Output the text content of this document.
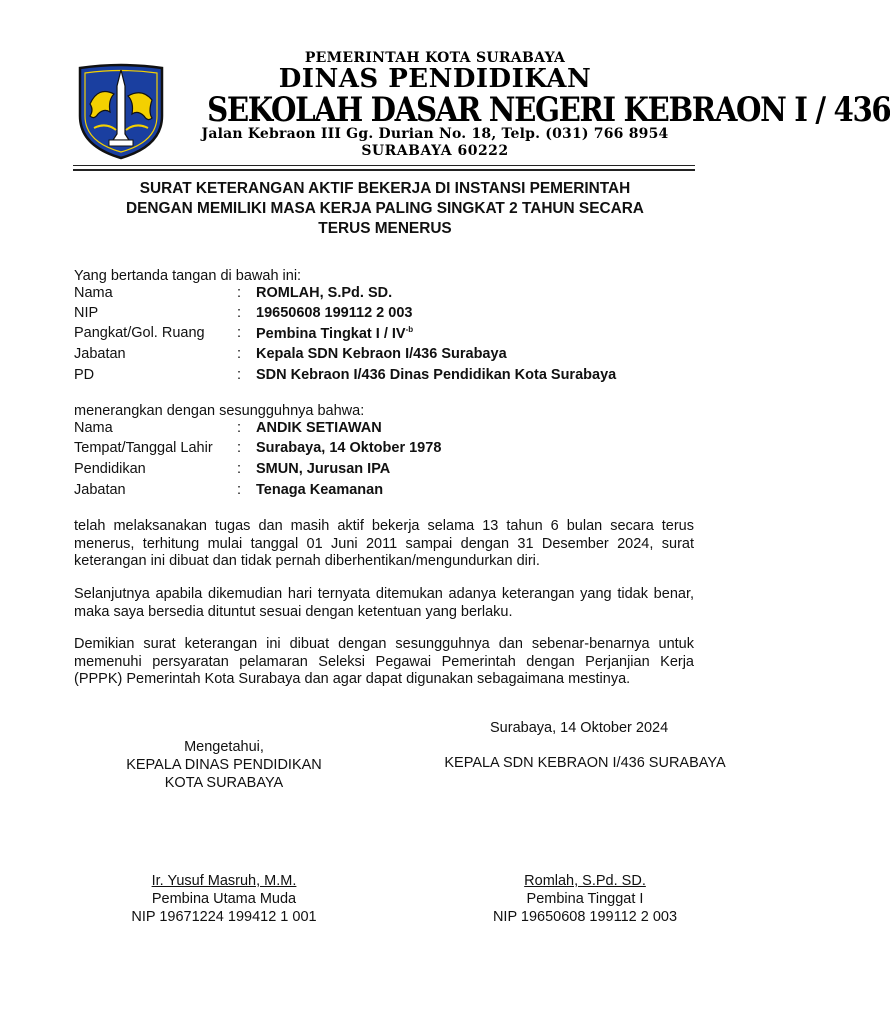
PEMERINTAH KOTA SURABAYA
DINAS PENDIDIKAN
SEKOLAH DASAR NEGERI KEBRAON I / 436
Jalan Kebraon III Gg. Durian No. 18, Telp. (031) 766 8954
SURABAYA 60222
SURAT KETERANGAN AKTIF BEKERJA DI INSTANSI PEMERINTAH
DENGAN MEMILIKI MASA KERJA PALING SINGKAT 2 TAHUN SECARA
TERUS MENERUS
Yang bertanda tangan di bawah ini:
Nama	: ROMLAH, S.Pd. SD.
NIP	: 19650608 199112 2 003
Pangkat/Gol. Ruang : Pembina Tingkat I / $IV^{-b}$
Jabatan	: Kepala SDN Kebraon I/436 Surabaya
PD	: SDN Kebraon I/436 Dinas Pendidikan Kota Surabaya
menerangkan dengan sesungguhnya bahwa:
Nama	: ANDIK SETIAWAN
Tempat/Tanggal Lahir : Surabaya, 14 Oktober 1978
Pendidikan	: SMUN, Jurusan IPA
Jabatan	: Tenaga Keamanan
telah melaksanakan tugas dan masih aktif bekerja selama 13 tahun 6 bulan secara terus menerus, terhitung mulai tanggal 01 Juni 2011 sampai dengan 31 Desember 2024, surat keterangan ini dibuat dan tidak pernah diberhentikan/mengundurkan diri.
Selanjutnya apabila dikemudian hari ternyata ditemukan adanya keterangan yang tidak benar, maka saya bersedia dituntut sesuai dengan ketentuan yang berlaku.
Demikian surat keterangan ini dibuat dengan sesungguhnya dan sebenar-benarnya untuk memenuhi persyaratan pelamaran Seleksi Pegawai Pemerintah dengan Perjanjian Kerja (PPPK) Pemerintah Kota Surabaya dan agar dapat digunakan sebagaimana mestinya.
Surabaya, 14 Oktober 2024
Mengetahui,
KEPALA DINAS PENDIDIKAN
KOTA SURABAYA
Ir. Yusuf Masruh, M.M.
Pembina Utama Muda
NIP 19671224 199412 1 001
KEPALA SDN KEBRAON I/436 SURABAYA
Romlah, S.Pd. SD.
Pembina Tinggat I
NIP 19650608 199112 2 003
